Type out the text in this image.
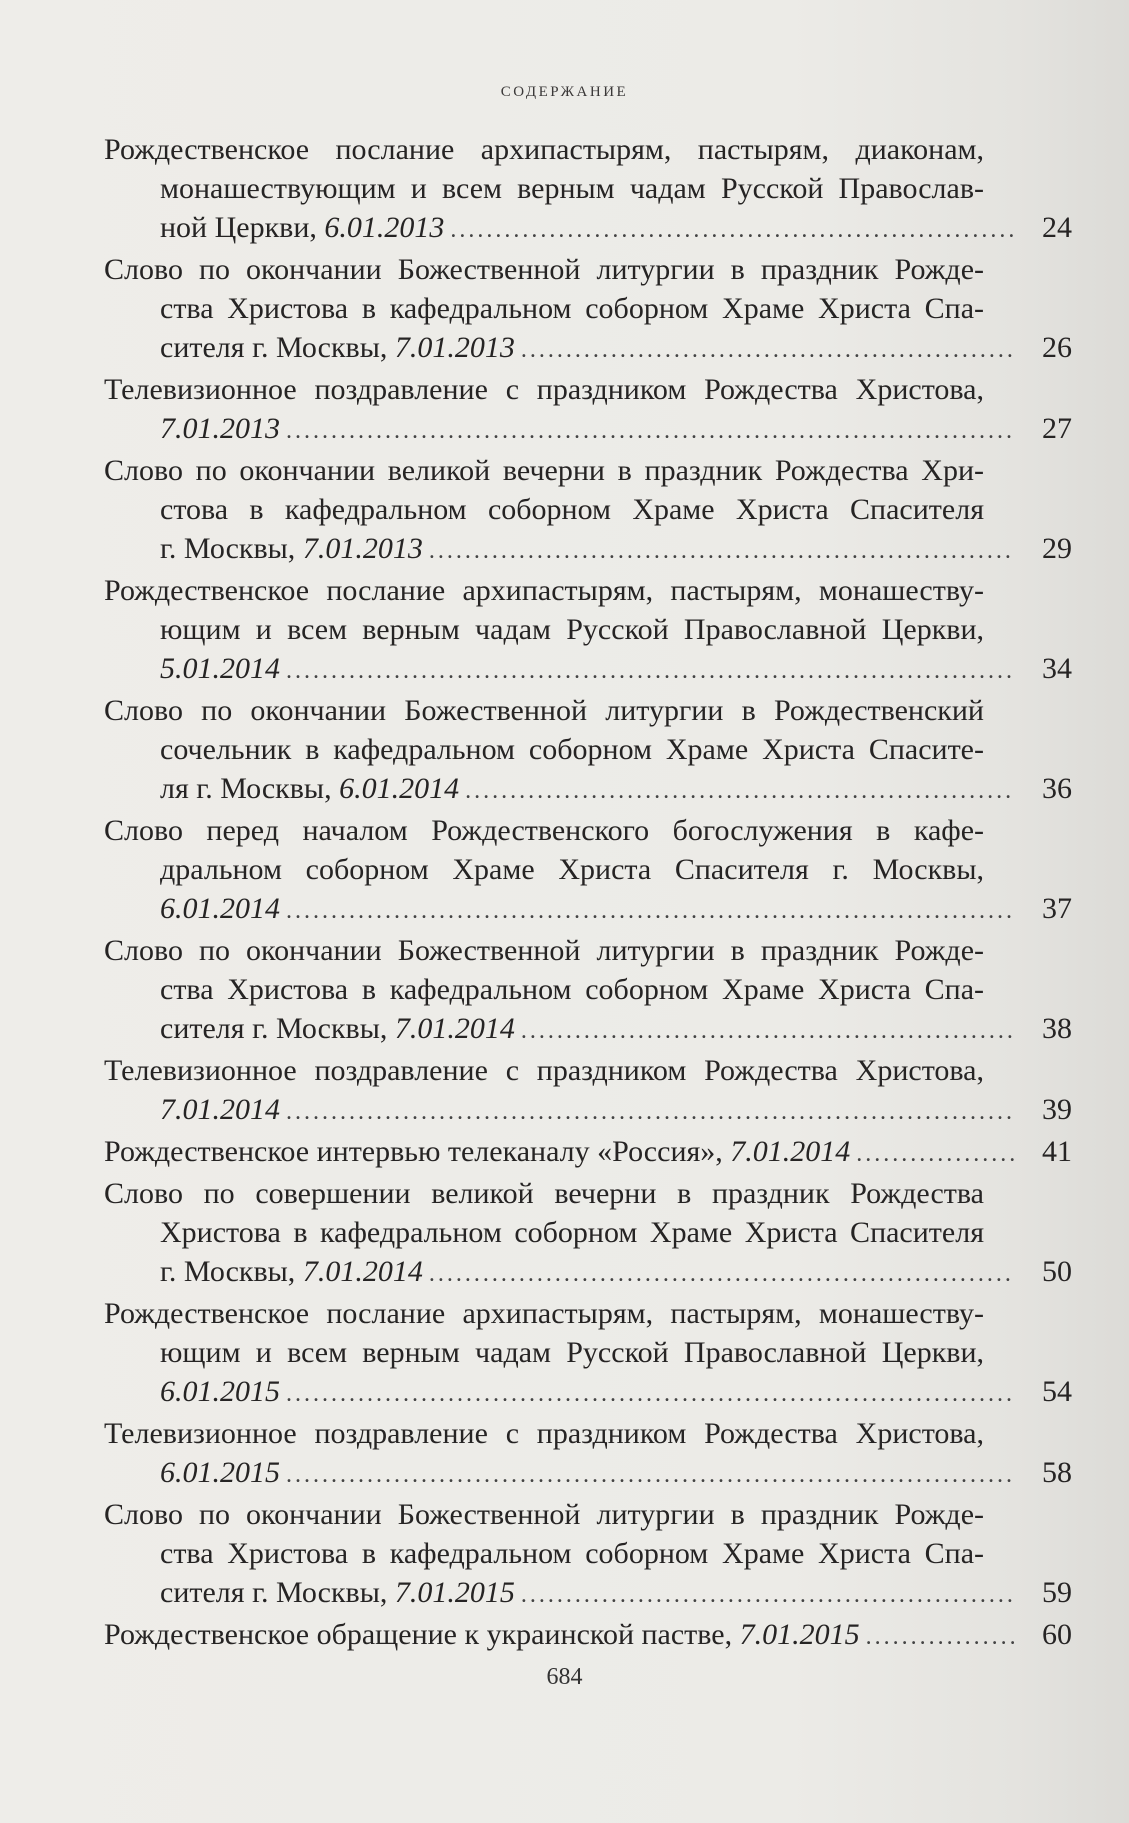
СОДЕРЖАНИЕ
Рождественское послание архипастырям, пастырям, диаконам,
монашествующим и всем верным чадам Русской Православ-
ной Церкви, 6.01.2013 .....	24
Слово по окончании Божественной литургии в праздник Рожде-
ства Христова в кафедральном соборном Храме Христа Спа-
сителя г. Москвы, 7.01.2013 .....	26
Телевизионное поздравление с праздником Рождества Христова,
7.01.2013 .....	27
Слово по окончании великой вечерни в праздник Рождества Хри-
стова в кафедральном соборном Храме Христа Спасителя
г. Москвы, 7.01.2013 .....	29
Рождественское послание архипастырям, пастырям, монашеству-
ющим и всем верным чадам Русской Православной Церкви,
5.01.2014 .....	34
Слово по окончании Божественной литургии в Рождественский
сочельник в кафедральном соборном Храме Христа Спасите-
ля г. Москвы, 6.01.2014 .....	36
Слово перед началом Рождественского богослужения в кафе-
дральном соборном Храме Христа Спасителя г. Москвы,
6.01.2014 .....	37
Слово по окончании Божественной литургии в праздник Рожде-
ства Христова в кафедральном соборном Храме Христа Спа-
сителя г. Москвы, 7.01.2014 .....	38
Телевизионное поздравление с праздником Рождества Христова,
7.01.2014 .....	39
Рождественское интервью телеканалу «Россия», 7.01.2014 .....	41
Слово по совершении великой вечерни в праздник Рождества
Христова в кафедральном соборном Храме Христа Спасителя
г. Москвы, 7.01.2014 .....	50
Рождественское послание архипастырям, пастырям, монашеству-
ющим и всем верным чадам Русской Православной Церкви,
6.01.2015 .....	54
Телевизионное поздравление с праздником Рождества Христова,
6.01.2015 .....	58
Слово по окончании Божественной литургии в праздник Рожде-
ства Христова в кафедральном соборном Храме Христа Спа-
сителя г. Москвы, 7.01.2015 .....	59
Рождественское обращение к украинской пастве, 7.01.2015 .....	60
684
